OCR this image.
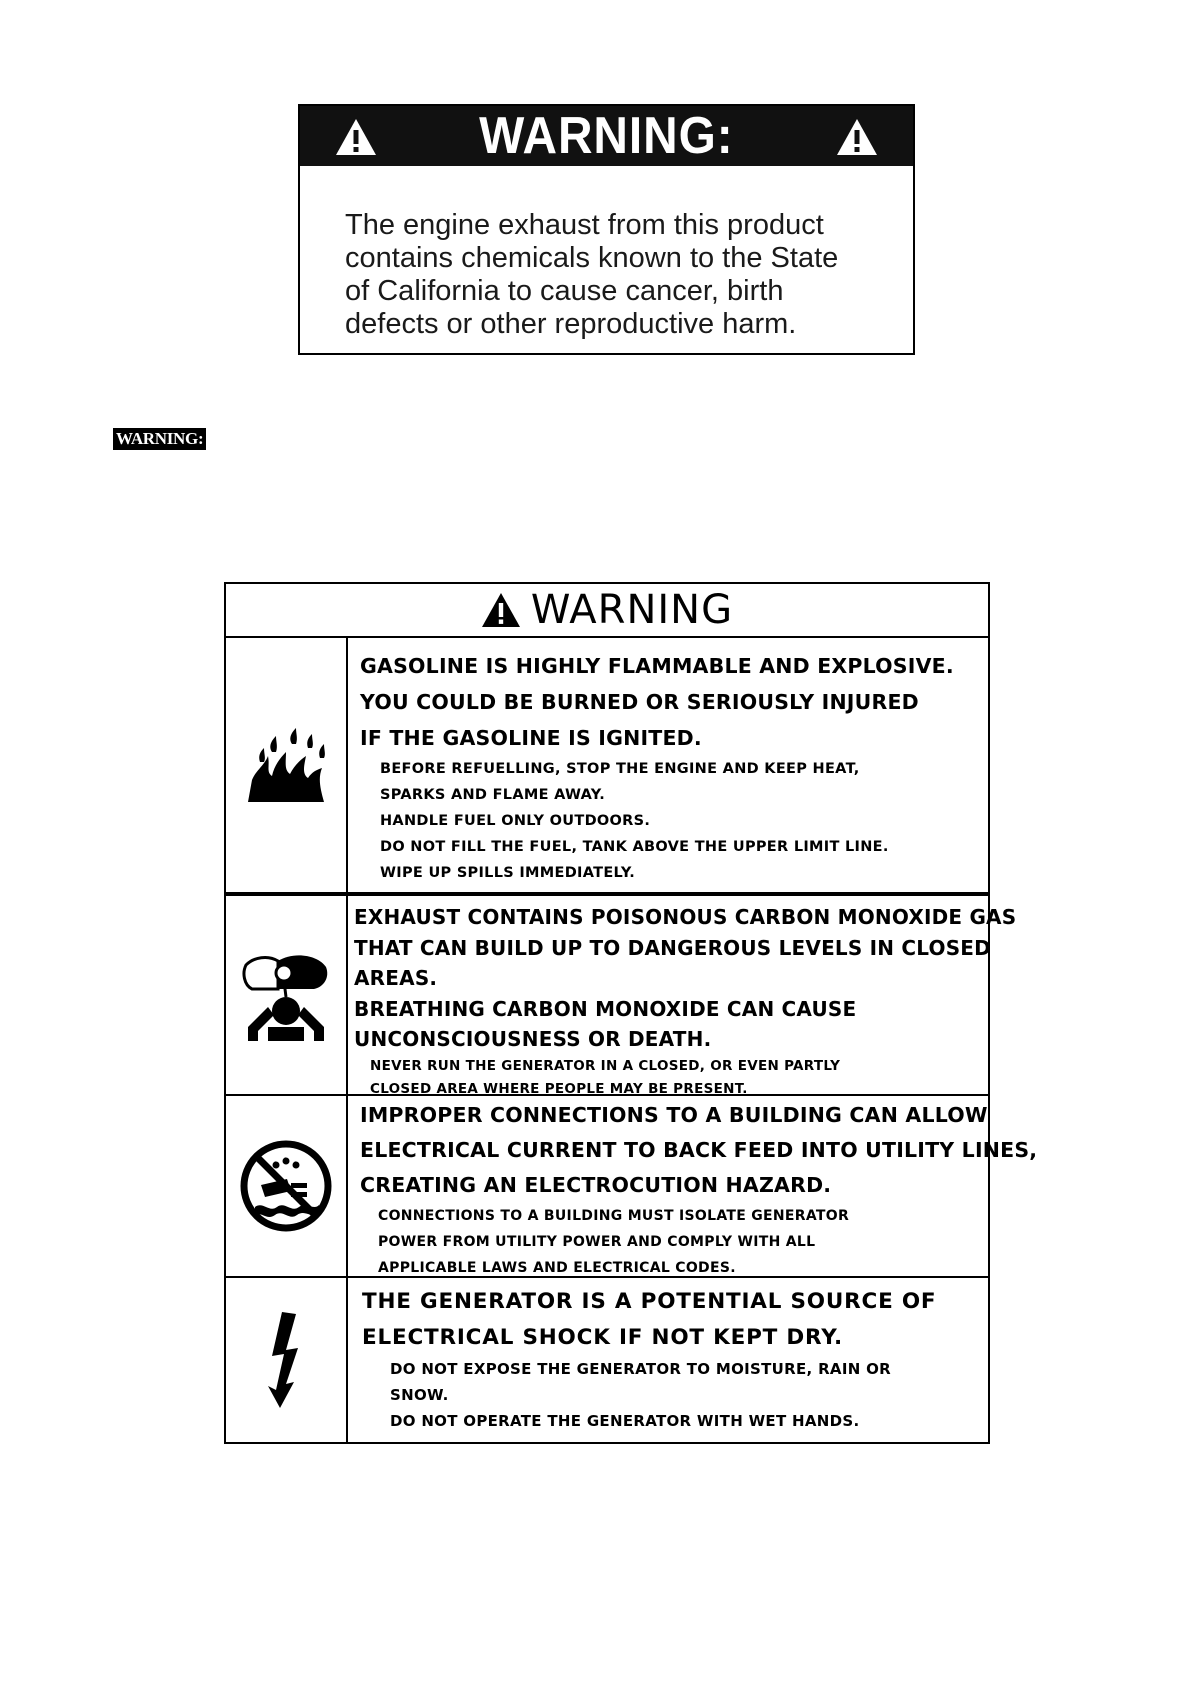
WARNING:
The engine exhaust from this product
contains chemicals known to the State
of California to cause cancer, birth
defects or other reproductive harm.
WARNING:
WARNING
GASOLINE IS HIGHLY FLAMMABLE AND EXPLOSIVE.
YOU COULD BE BURNED OR SERIOUSLY INJURED
IF THE GASOLINE IS IGNITED.
BEFORE REFUELLING, STOP THE ENGINE AND KEEP HEAT,
SPARKS AND FLAME AWAY.
HANDLE FUEL ONLY OUTDOORS.
DO NOT FILL THE FUEL, TANK ABOVE THE UPPER LIMIT LINE.
WIPE UP SPILLS IMMEDIATELY.
EXHAUST CONTAINS POISONOUS CARBON MONOXIDE GAS
THAT CAN BUILD UP TO DANGEROUS LEVELS IN CLOSED
AREAS.
BREATHING CARBON MONOXIDE CAN CAUSE
UNCONSCIOUSNESS OR DEATH.
NEVER RUN THE GENERATOR IN A CLOSED, OR EVEN PARTLY
CLOSED AREA WHERE PEOPLE MAY BE PRESENT.
IMPROPER CONNECTIONS TO A BUILDING CAN ALLOW
ELECTRICAL CURRENT TO BACK FEED INTO UTILITY LINES,
CREATING AN ELECTROCUTION HAZARD.
CONNECTIONS TO A BUILDING MUST ISOLATE GENERATOR
POWER FROM UTILITY POWER AND COMPLY WITH ALL
APPLICABLE LAWS AND ELECTRICAL CODES.
THE GENERATOR IS A POTENTIAL SOURCE OF
ELECTRICAL SHOCK IF NOT KEPT DRY.
DO NOT EXPOSE THE GENERATOR TO MOISTURE, RAIN OR
SNOW.
DO NOT OPERATE THE GENERATOR WITH WET HANDS.
